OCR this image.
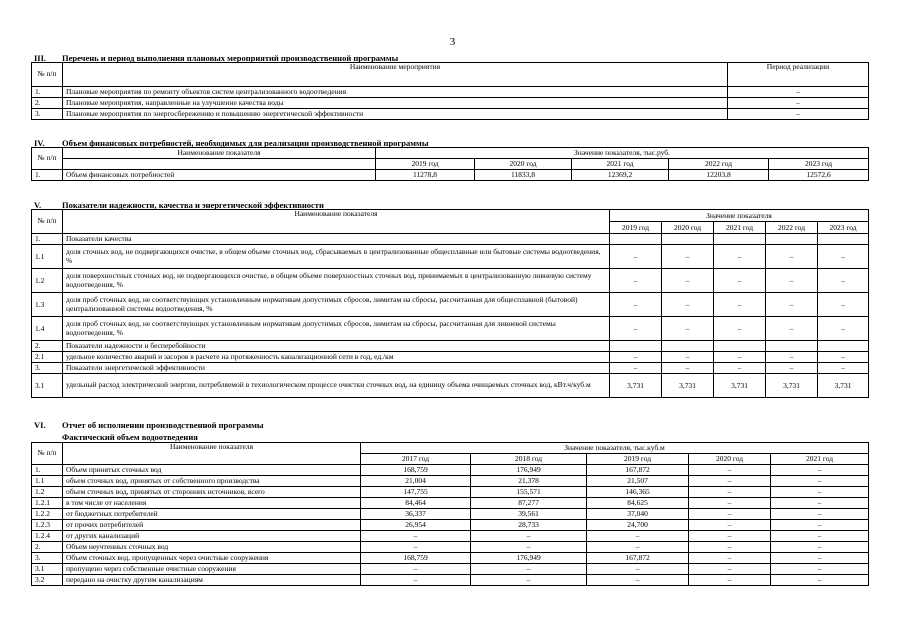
3
III. Перечень и период выполнения плановых мероприятий производственной программы
№ п/п	Наименование мероприятия	Период реализации
1.	Плановые мероприятия по ремонту объектов систем централизованного водоотведения	–
2.	Плановые мероприятия, направленные на улучшение качества воды	–
3.	Плановые мероприятия по энергосбережению и повышению энергетической эффективности	–
IV. Объем финансовых потребностей, необходимых для реализации производственной программы
№ п/п	Наименование показателя	Значение показателя, тыс.руб.				
		2019 год	2020 год	2021 год	2022 год	2023 год
1.	Объем финансовых потребностей	11278,8	11833,8	12369,2	12203,8	12572,6
V. Показатели надежности, качества и энергетической эффективности
№ п/п	Наименование показателя	Значение показателя				
		2019 год	2020 год	2021 год	2022 год	2023 год
1.	Показатели качества					
1.1	доля сточных вод, не подвергающихся очистке, в общем объеме сточных вод, сбрасываемых в централизованные общесплавные или бытовые системы водоотведения, %	–	–	–	–	–
1.2	доля поверхностных сточных вод, не подвергающихся очистке, в общем объеме поверхностных сточных вод, принимаемых в централизованную ливневую систему водоотведения, %	–	–	–	–	–
1.3	доля проб сточных вод, не соответствующих установленным нормативам допустимых сбросов, лимитам на сбросы, рассчитанная для общесплавной (бытовой) централизованной системы водоотведения, %	–	–	–	–	–
1.4	доля проб сточных вод, не соответствующих установленным нормативам допустимых сбросов, лимитам на сбросы, рассчитанная для ливневой системы водоотведения, %	–	–	–	–	–
2.	Показатели надежности и бесперебойности					
2.1	удельное количество аварий и засоров в расчете на протяженность канализационной сети в год, ед./км	–	–	–	–	–
3.	Показатели энергетической эффективности	–	–	–	–	–
3.1	удельный расход электрической энергии, потребляемой в технологическом процессе очистки сточных вод, на единицу объема очищаемых сточных вод, кВт.ч/куб.м	3,731	3,731	3,731	3,731	3,731
VI. Отчет об исполнении производственной программы
Фактический объем водоотведения
№ п/п	Наименование показателя	Значение показателя, тыс.куб.м				
		2017 год	2018 год	2019 год	2020 год	2021 год
1.	Объем принятых сточных вод	168,759	176,949	167,872	–	–
1.1	объем сточных вод, принятых от собственного производства	21,004	21,378	21,507	–	–
1.2	объем сточных вод, принятых от сторонних источников, всего	147,755	155,571	146,365	–	–
1.2.1	в том числе от населения	84,464	87,277	84,625	–	–
1.2.2	от бюджетных потребителей	36,337	39,561	37,040	–	–
1.2.3	от прочих потребителей	26,954	28,733	24,700	–	–
1.2.4	от других канализаций	–	–	–	–	–
2.	Объем неучтенных сточных вод	–	–	–	–	–
3.	Объем сточных вод, пропущенных через очистные сооружения	168,759	176,949	167,872	–	–
3.1	пропущено через собственные очистные сооружения	–	–	–	–	–
3.2	передано на очистку другим канализациям	–	–	–	–	–
